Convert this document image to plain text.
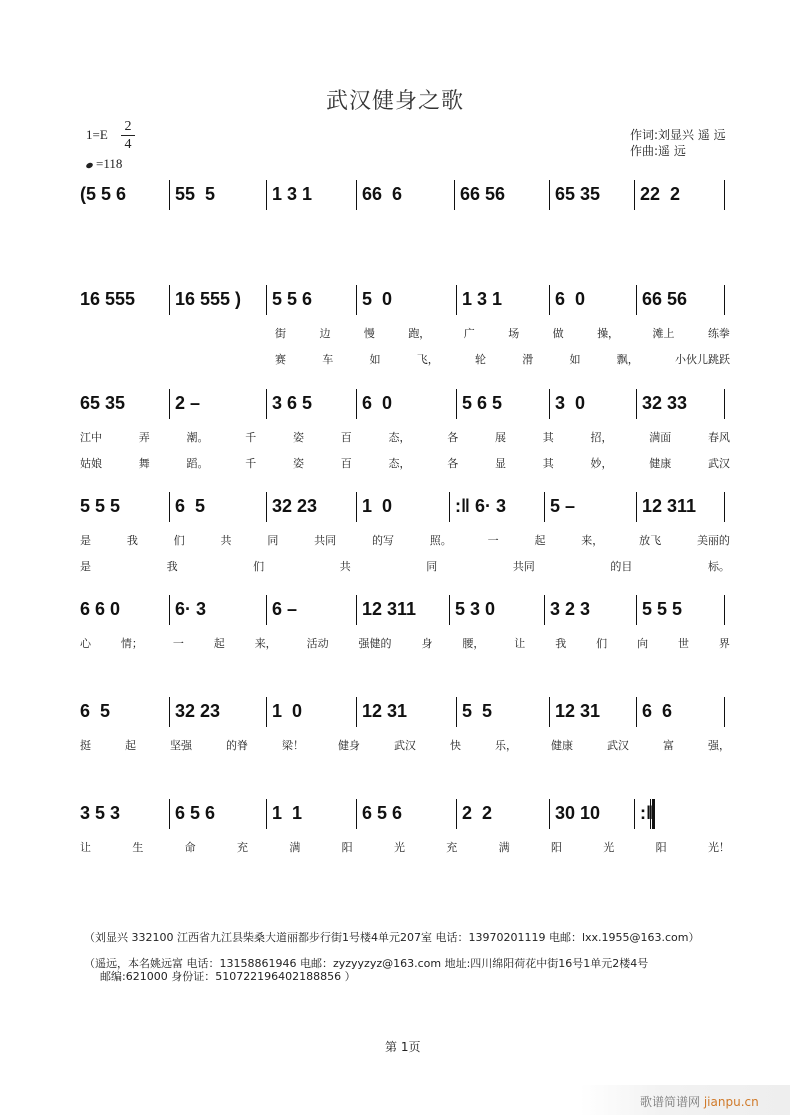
武汉健身之歌
1=E
2
4
=118
作词:刘显兴 遥 远
作曲:遥 远
(5 5 6	55  5	1 3 1	66  6	66 56	65 35	22  2
16 555	16 555 )	5 5 6	5  0	1 3 1	6  0	66 56
街	边	慢	跑，	广	场	做	操，	滩上	练拳
赛	车	如	飞，	轮	滑	如	飘，	小伙儿跳跃
65 35	2 –	3 6 5	6  0	5 6 5	3  0	32 33
江中	弄	潮。	千	姿	百	态，	各	展	其	招，	满面	春风
姑娘	舞	蹈。	千	姿	百	态，	各	显	其	妙，	健康	武汉
5 5 5	6  5	32 23	1  0	:‖ 6· 3	5 –	12 311
是	我	们	共	同	共同	的写	照。	一	起	来，	放飞	美丽的
是	我	们	共	同	共同	的目	标。
6 6 0	6· 3	6 –	12 311	5 3 0	3 2 3	5 5 5
心	情；	一	起	来，	活动	强健的	身	腰，	让	我	们	向	世	界
6  5	32 23	1  0	12 31	5  5	12 31	6  6
挺	起	坚强	的脊	梁！	健身	武汉	快	乐，	健康	武汉	富	强，
3 5 3	6 5 6	1  1	6 5 6	2  2	30 10	:‖
让	生	命	充	满	阳	光	充	满	阳	光	阳	光！
（刘显兴 332100 江西省九江县柴桑大道丽都步行街1号楼4单元207室 电话：13970201119 电邮：lxx.1955@163.com）
（遥远，本名姚远富 电话：13158861946 电邮：zyzyyzyz@163.com 地址:四川绵阳荷花中街16号1单元2楼4号
邮编:621000 身份证：510722196402188856 ）
第 1页
歌谱简谱网 jianpu.cn
